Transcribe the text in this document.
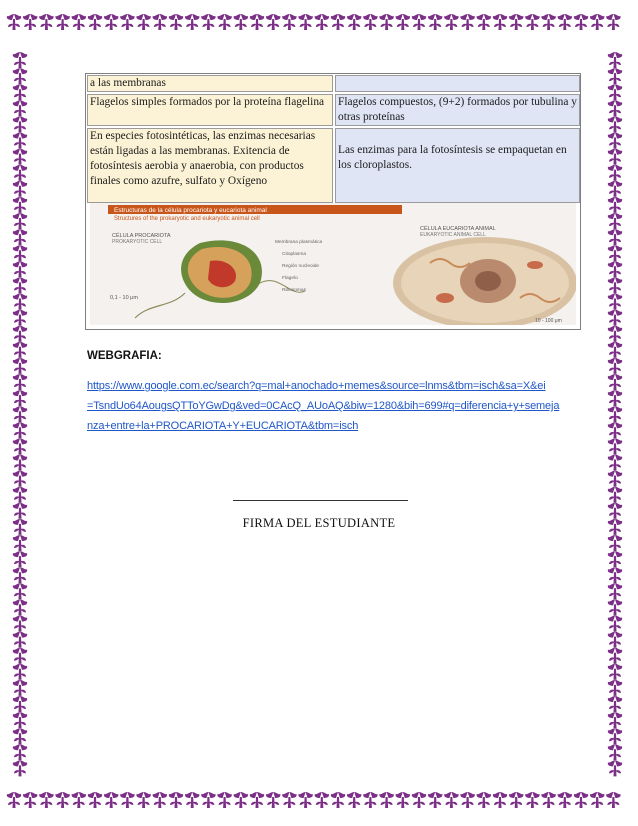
a las membranas
Flagelos simples formados por la proteína flagelina	Flagelos compuestos, (9+2) formados por tubulina y otras proteínas
En especies fotosintéticas, las enzimas necesarias están ligadas a las membranas. Exitencia de fotosíntesis aerobia y anaerobia, con productos finales como azufre, sulfato y Oxígeno
Las enzimas para la fotosíntesis se empaquetan en los cloroplastos.
Estructuras de la célula procariota y eucariota animal
Structures of the prokaryotic and eukaryotic animal cell
CÉLULA PROCARIOTA
PROKARYOTIC CELL
CÉLULA EUCARIOTA ANIMAL
EUKARYOTIC ANIMAL CELL
0,1 - 10 μm
Membrana plasmática
Citoplasma
Región nucleoide
Flagelo
Ribosomas
10 - 100 μm
WEBGRAFIA:
https://www.google.com.ec/search?q=mal+anochado+memes&source=lnms&tbm=isch&sa=X&ei
=TsndUo64AougsQTToYGwDg&ved=0CAcQ_AUoAQ&biw=1280&bih=699#q=diferencia+y+semeja
nza+entre+la+PROCARIOTA+Y+EUCARIOTA&tbm=isch
FIRMA DEL ESTUDIANTE
